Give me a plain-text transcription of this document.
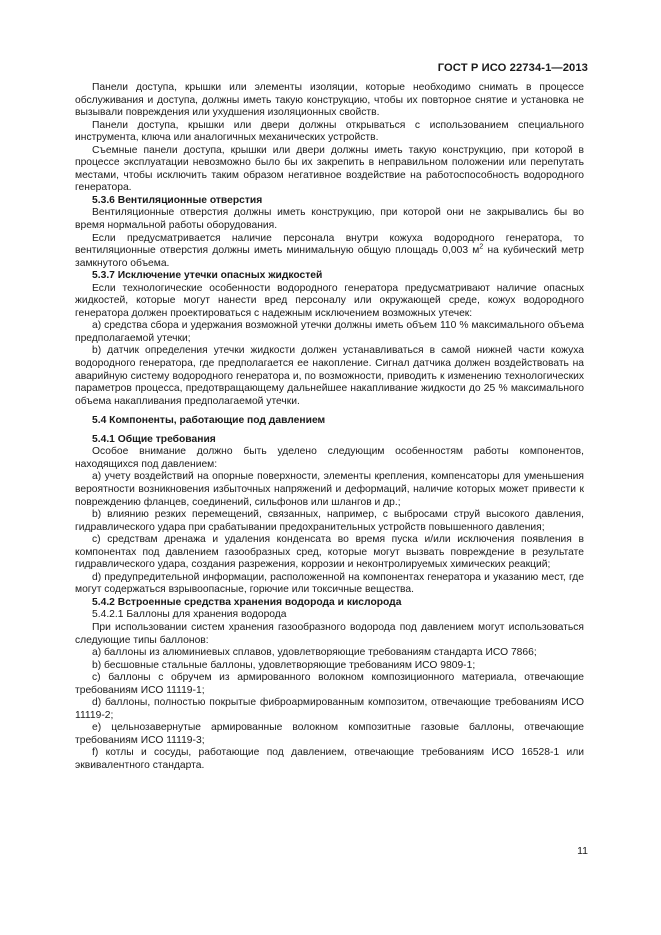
ГОСТ Р ИСО 22734-1—2013

Панели доступа, крышки или элементы изоляции, которые необходимо снимать в процессе обслуживания и доступа, должны иметь такую конструкцию, чтобы их повторное снятие и установка не вызывали повреждения или ухудшения изоляционных свойств.

Панели доступа, крышки или двери должны открываться с использованием специального инструмента, ключа или аналогичных механических устройств.

Съемные панели доступа, крышки или двери должны иметь такую конструкцию, при которой в процессе эксплуатации невозможно было бы их закрепить в неправильном положении или перепутать местами, чтобы исключить таким образом негативное воздействие на работоспособность водородного генератора.

5.3.6 Вентиляционные отверстия

Вентиляционные отверстия должны иметь конструкцию, при которой они не закрывались бы во время нормальной работы оборудования.

Если предусматривается наличие персонала внутри кожуха водородного генератора, то вентиляционные отверстия должны иметь минимальную общую площадь 0,003 $м^2$ на кубический метр замкнутого объема.

5.3.7 Исключение утечки опасных жидкостей

Если технологические особенности водородного генератора предусматривают наличие опасных жидкостей, которые могут нанести вред персоналу или окружающей среде, кожух водородного генератора должен проектироваться с надежным исключением возможных утечек:

а) средства сбора и удержания возможной утечки должны иметь объем 110 % максимального объема предполагаемой утечки;

b) датчик определения утечки жидкости должен устанавливаться в самой нижней части кожуха водородного генератора, где предполагается ее накопление. Сигнал датчика должен воздействовать на аварийную систему водородного генератора и, по возможности, приводить к изменению технологических параметров процесса, предотвращающему дальнейшее накапливание жидкости до 25 % максимального объема накапливания предполагаемой утечки.

5.4 Компоненты, работающие под давлением

5.4.1 Общие требования

Особое внимание должно быть уделено следующим особенностям работы компонентов, находящихся под давлением:

а) учету воздействий на опорные поверхности, элементы крепления, компенсаторы для уменьшения вероятности возникновения избыточных напряжений и деформаций, наличие которых может привести к повреждению фланцев, соединений, сильфонов или шлангов и др.;

b) влиянию резких перемещений, связанных, например, с выбросами струй высокого давления, гидравлического удара при срабатывании предохранительных устройств повышенного давления;

с) средствам дренажа и удаления конденсата во время пуска и/или исключения появления в компонентах под давлением газообразных сред, которые могут вызвать повреждение в результате гидравлического удара, создания разрежения, коррозии и неконтролируемых химических реакций;

d) предупредительной информации, расположенной на компонентах генератора и указанию мест, где могут содержаться взрывоопасные, горючие или токсичные вещества.

5.4.2 Встроенные средства хранения водорода и кислорода

5.4.2.1 Баллоны для хранения водорода

При использовании систем хранения газообразного водорода под давлением могут использоваться следующие типы баллонов:

а) баллоны из алюминиевых сплавов, удовлетворяющие требованиям стандарта ИСО 7866;

b) бесшовные стальные баллоны, удовлетворяющие требованиям ИСО 9809-1;

с) баллоны с обручем из армированного волокном композиционного материала, отвечающие требованиям ИСО 11119-1;

d) баллоны, полностью покрытые фиброармированным композитом, отвечающие требованиям ИСО 11119-2;

e) цельнозавернутые армированные волокном композитные газовые баллоны, отвечающие требованиям ИСО 11119-3;

f) котлы и сосуды, работающие под давлением, отвечающие требованиям ИСО 16528-1 или эквивалентного стандарта.

11
